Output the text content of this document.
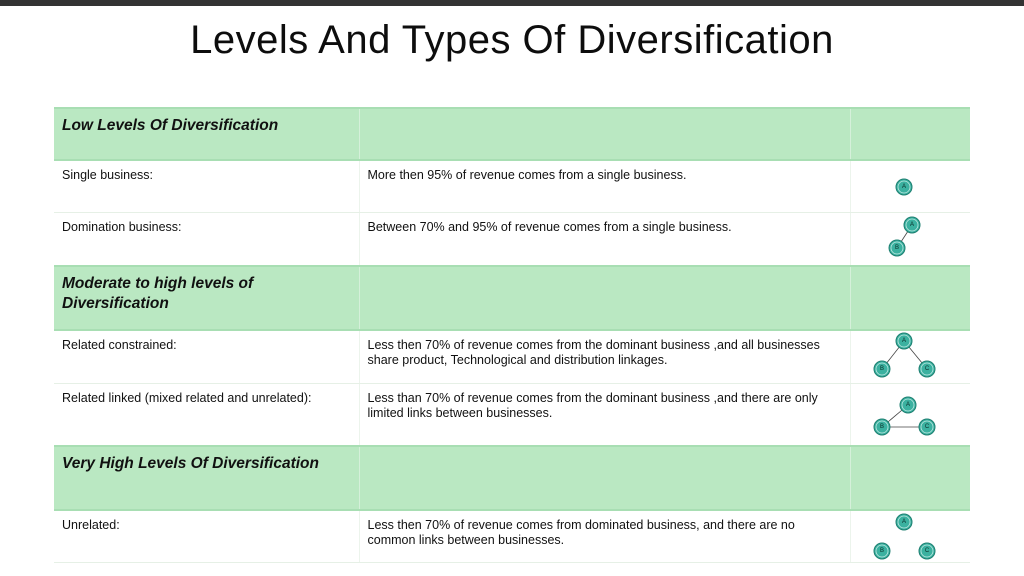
Levels And Types Of Diversification
Low Levels Of Diversification		
Single business:	More then 95% of revenue comes from a single business.	A

Domination business:	Between 70% and 95% of revenue comes from a single business.	A
B

Moderate to high levels of Diversification		
Related constrained:	Less then 70% of revenue comes from the dominant business ,and all businesses share product, Technological and distribution linkages.	A
B C

Related linked (mixed related and unrelated):	Less than 70% of revenue comes from the dominant business ,and there are only limited links between businesses.	A
B C

Very High Levels Of Diversification		
Unrelated:	Less then 70% of revenue comes from dominated business, and there are no common links between businesses.	A
B C
